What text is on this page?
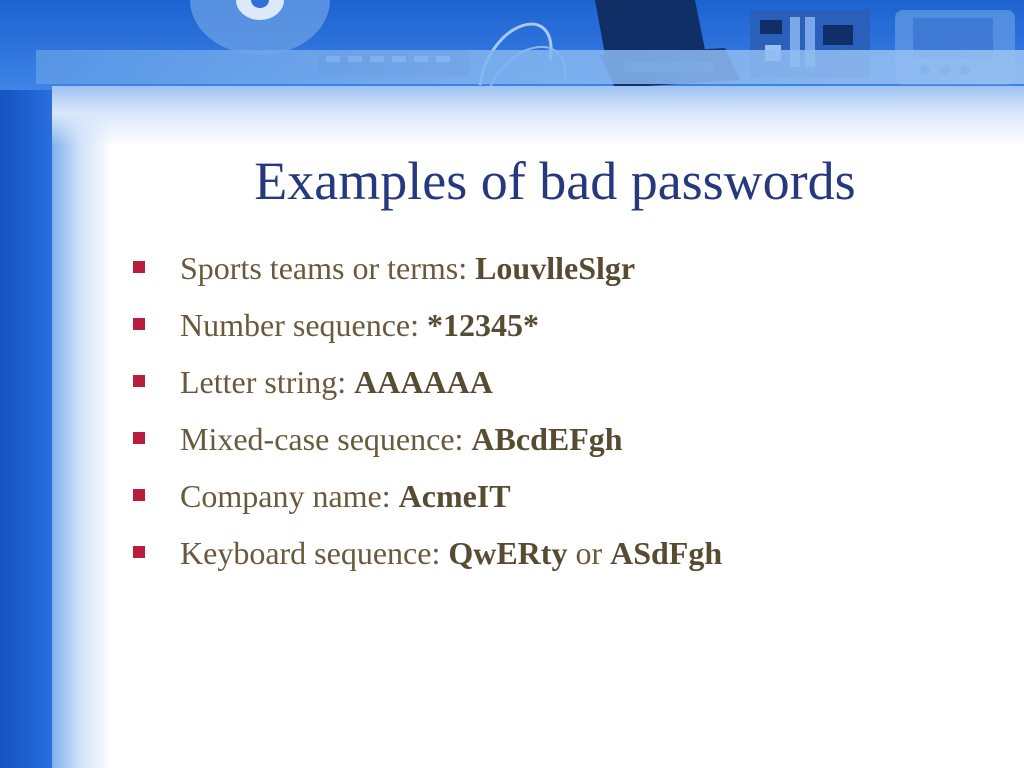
Examples of bad passwords
Sports teams or terms: LouvlleSlgr
Number sequence: *12345*
Letter string: AAAAAA
Mixed-case sequence: ABcdEFgh
Company name: AcmeIT
Keyboard sequence: QwERty or ASdFgh
